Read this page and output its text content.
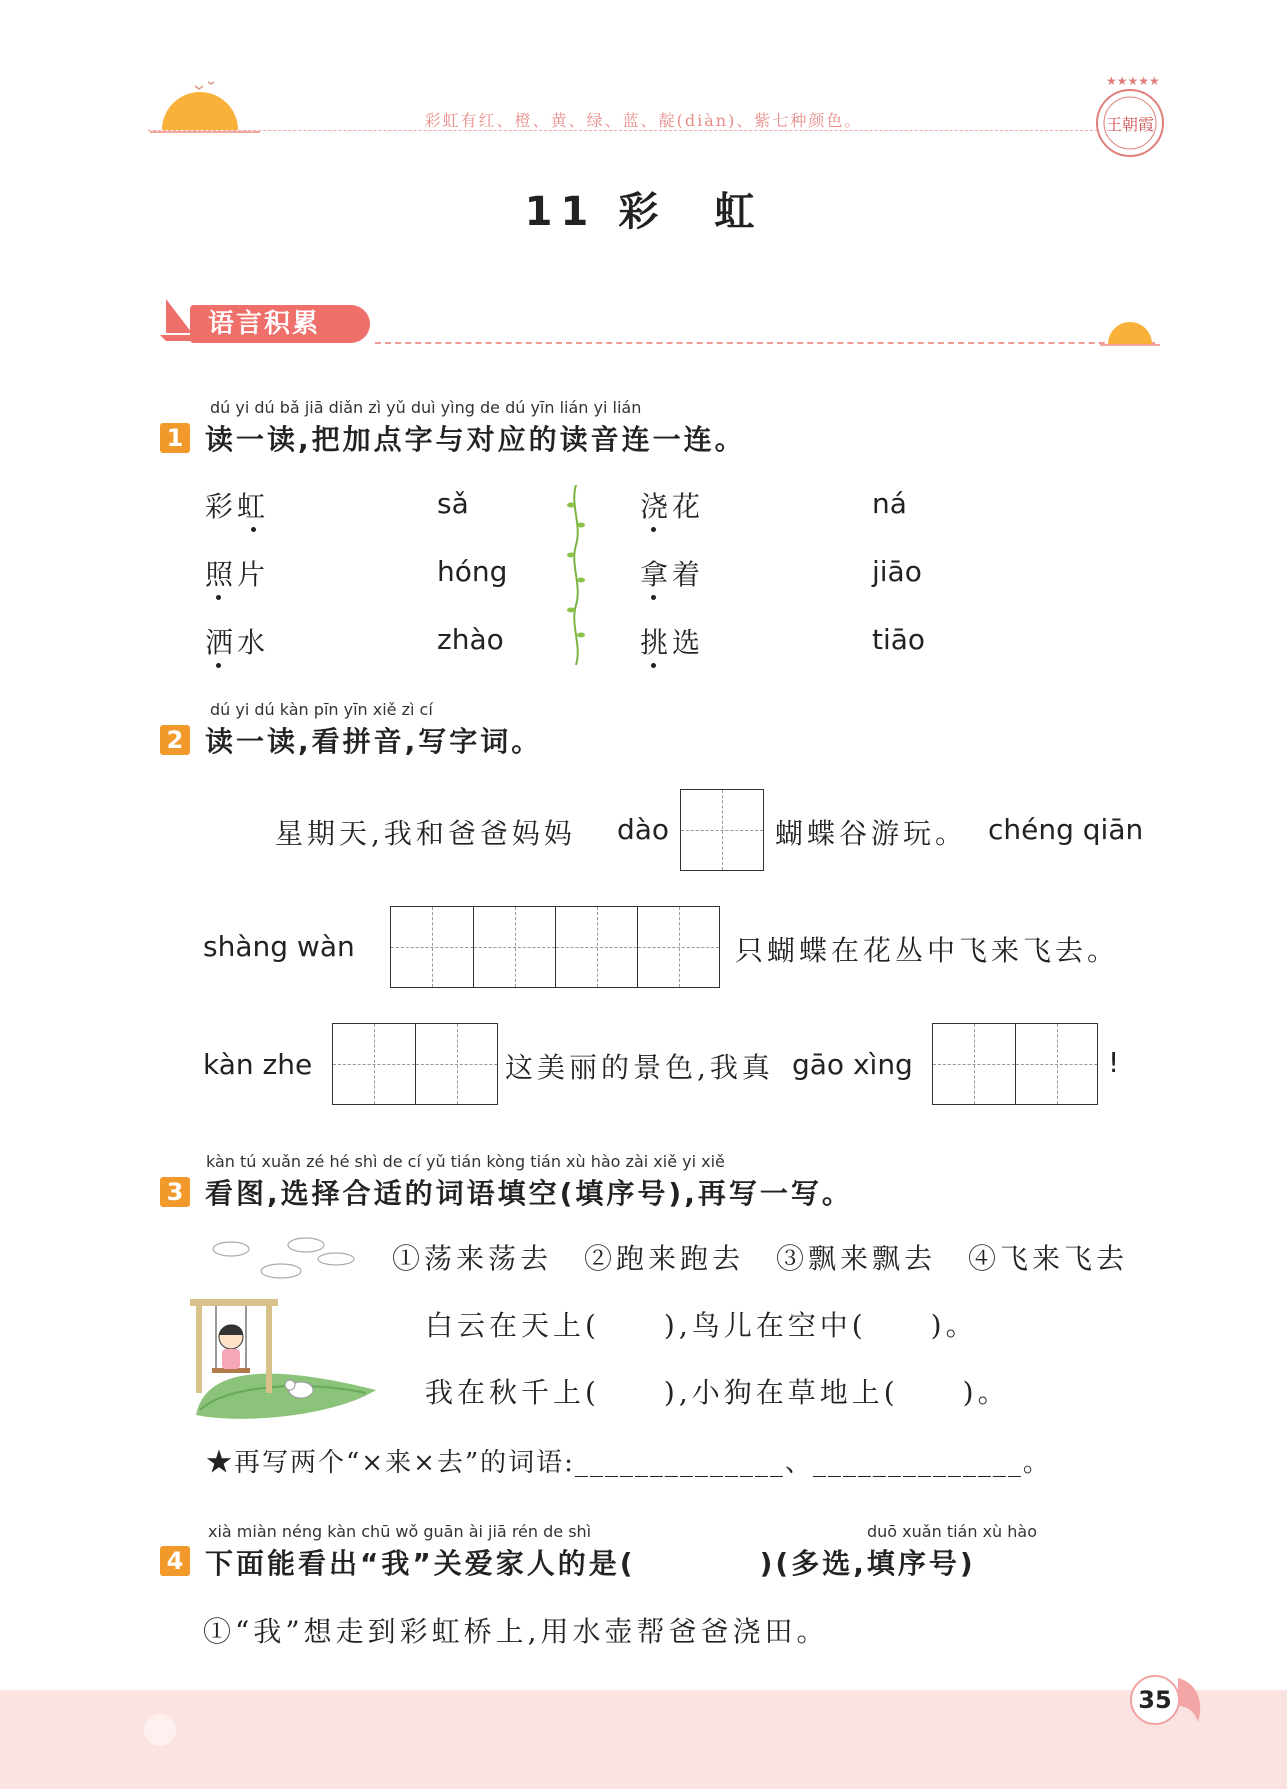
彩虹有红、橙、黄、绿、蓝、靛(diàn)、紫七种颜色。
★★★★★
王朝霞
11 彩　虹
语言积累
dú yi dú bǎ jiā diǎn zì yǔ duì yìng de dú yīn lián yi lián
1 读一读,把加点字与对应的读音连一连。
彩虹
照片
洒水
sǎ
hóng
zhào
浇花
拿着
挑选
ná
jiāo
tiāo
dú yi dú kàn pīn yīn xiě zì cí
2 读一读,看拼音,写字词。
星期天,我和爸爸妈妈 dào	蝴蝶谷游玩。 chéng qiān
shàng wàn	只蝴蝶在花丛中飞来飞去。
kàn zhe	这美丽的景色,我真 gāo xìng	!
kàn tú xuǎn zé hé shì de cí yǔ tián kòng tián xù hào zài xiě yi xiě
3 看图,选择合适的词语填空(填序号),再写一写。
①荡来荡去　②跑来跑去　③飘来飘去　④飞来飞去
白云在天上(　　),鸟儿在空中(　　)。
我在秋千上(　　),小狗在草地上(　　)。
★再写两个“×来×去”的词语:______________、______________。
xià miàn néng kàn chū wǒ guān ài jiā rén de shì	duō xuǎn tián xù hào
4 下面能看出“我”关爱家人的是(　　　　)(多选,填序号)
①“我”想走到彩虹桥上,用水壶帮爸爸浇田。
35
